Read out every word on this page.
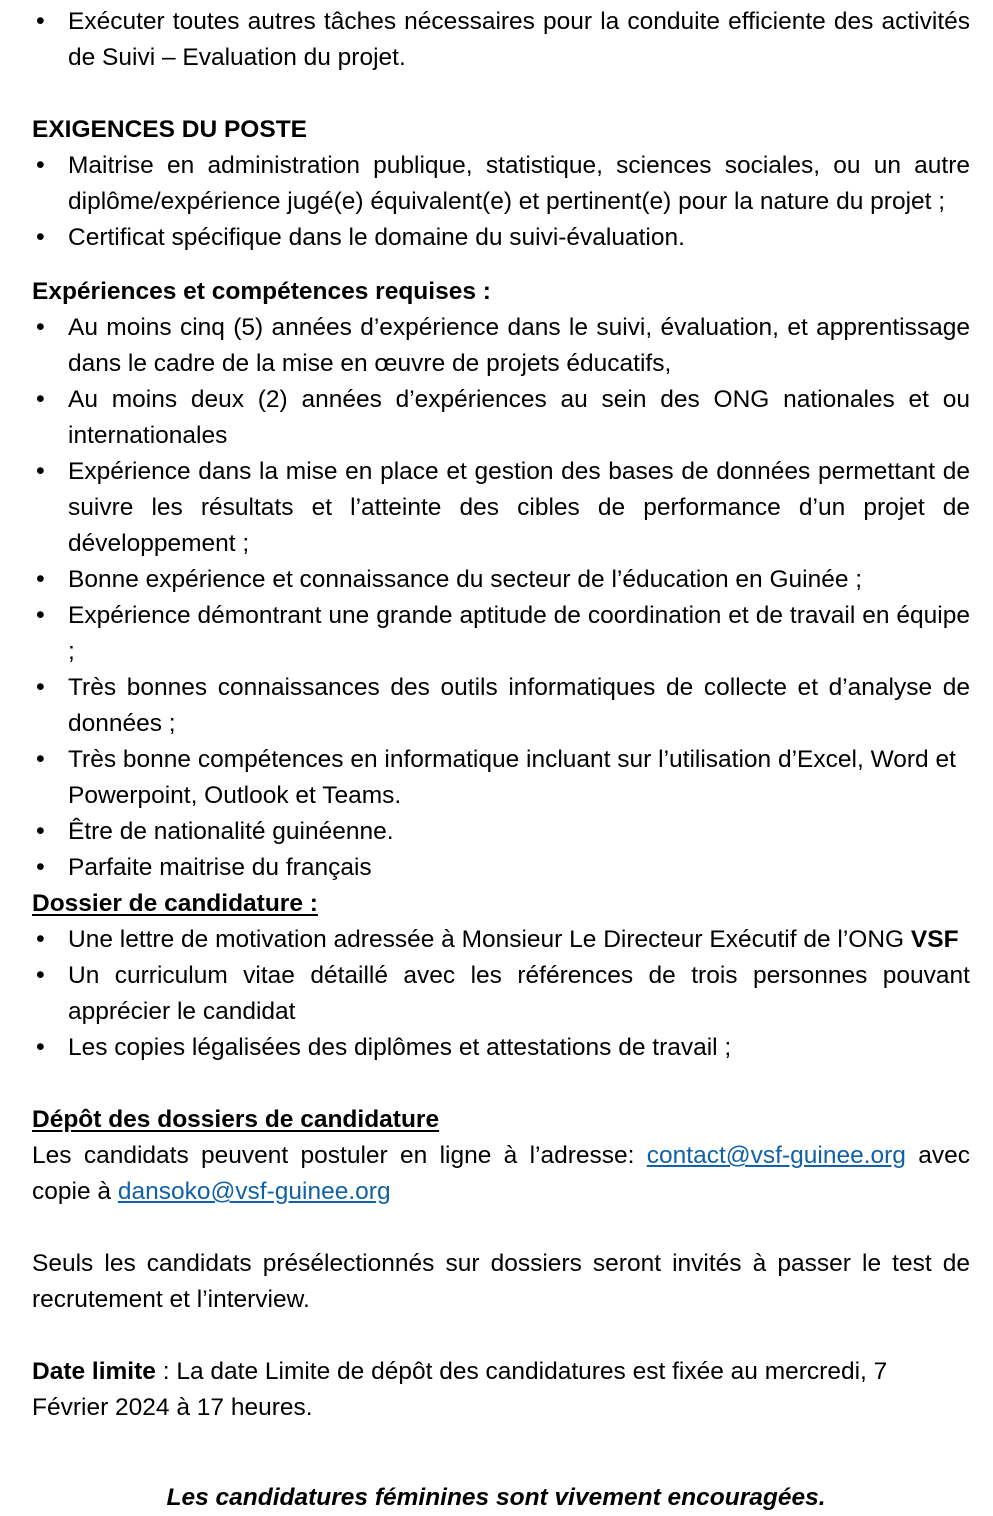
• Exécuter toutes autres tâches nécessaires pour la conduite efficiente des activités de Suivi – Evaluation du projet.
EXIGENCES DU POSTE
• Maitrise en administration publique, statistique, sciences sociales, ou un autre diplôme/expérience jugé(e) équivalent(e) et pertinent(e) pour la nature du projet ;
• Certificat spécifique dans le domaine du suivi-évaluation.
Expériences et compétences requises :
• Au moins cinq (5) années d’expérience dans le suivi, évaluation, et apprentissage dans le cadre de la mise en œuvre de projets éducatifs,
• Au moins deux (2) années d’expériences au sein des ONG nationales et ou internationales
• Expérience dans la mise en place et gestion des bases de données permettant de suivre les résultats et l’atteinte des cibles de performance d’un projet de développement ;
• Bonne expérience et connaissance du secteur de l’éducation en Guinée ;
• Expérience démontrant une grande aptitude de coordination et de travail en équipe ;
• Très bonnes connaissances des outils informatiques de collecte et d’analyse de données ;
• Très bonne compétences en informatique incluant sur l’utilisation d’Excel, Word et Powerpoint, Outlook et Teams.
• Être de nationalité guinéenne.
• Parfaite maitrise du français
Dossier de candidature :
• Une lettre de motivation adressée à Monsieur Le Directeur Exécutif de l’ONG VSF
• Un curriculum vitae détaillé avec les références de trois personnes pouvant apprécier le candidat
• Les copies légalisées des diplômes et attestations de travail ;
Dépôt des dossiers de candidature
Les candidats peuvent postuler en ligne à l’adresse: contact@vsf-guinee.org avec copie à dansoko@vsf-guinee.org
Seuls les candidats présélectionnés sur dossiers seront invités à passer le test de recrutement et l’interview.
Date limite : La date Limite de dépôt des candidatures est fixée au mercredi, 7 Février 2024 à 17 heures.
Les candidatures féminines sont vivement encouragées.
